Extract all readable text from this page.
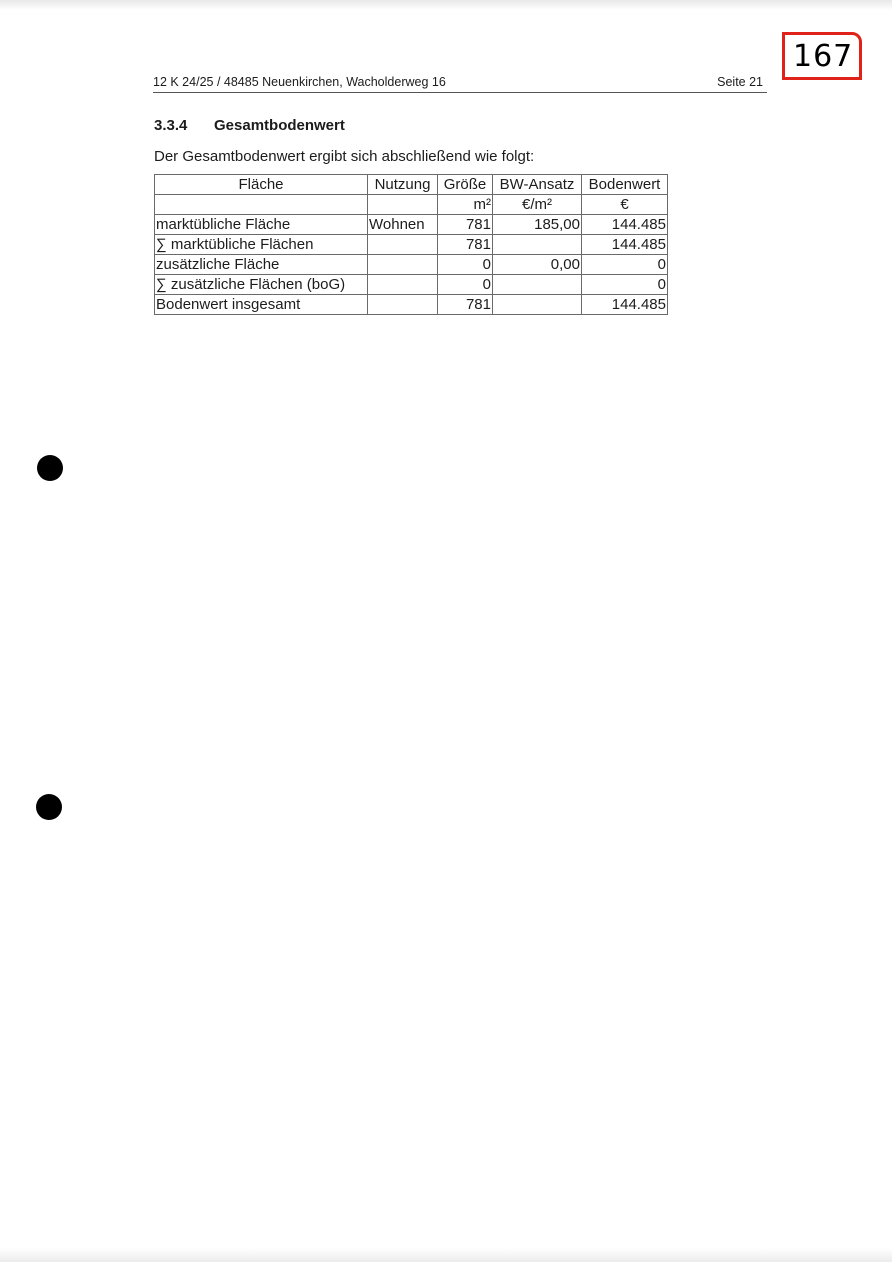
167
12 K 24/25 / 48485 Neuenkirchen, Wacholderweg 16	Seite 21
3.3.4 Gesamtbodenwert
Der Gesamtbodenwert ergibt sich abschließend wie folgt:
Fläche	Nutzung	Größe	BW-Ansatz	Bodenwert
		m²	€/m²	€
marktübliche Fläche	Wohnen	781	185,00	144.485
∑ marktübliche Flächen		781		144.485
zusätzliche Fläche		0	0,00	0
∑ zusätzliche Flächen (boG)		0		0
Bodenwert insgesamt		781		144.485
